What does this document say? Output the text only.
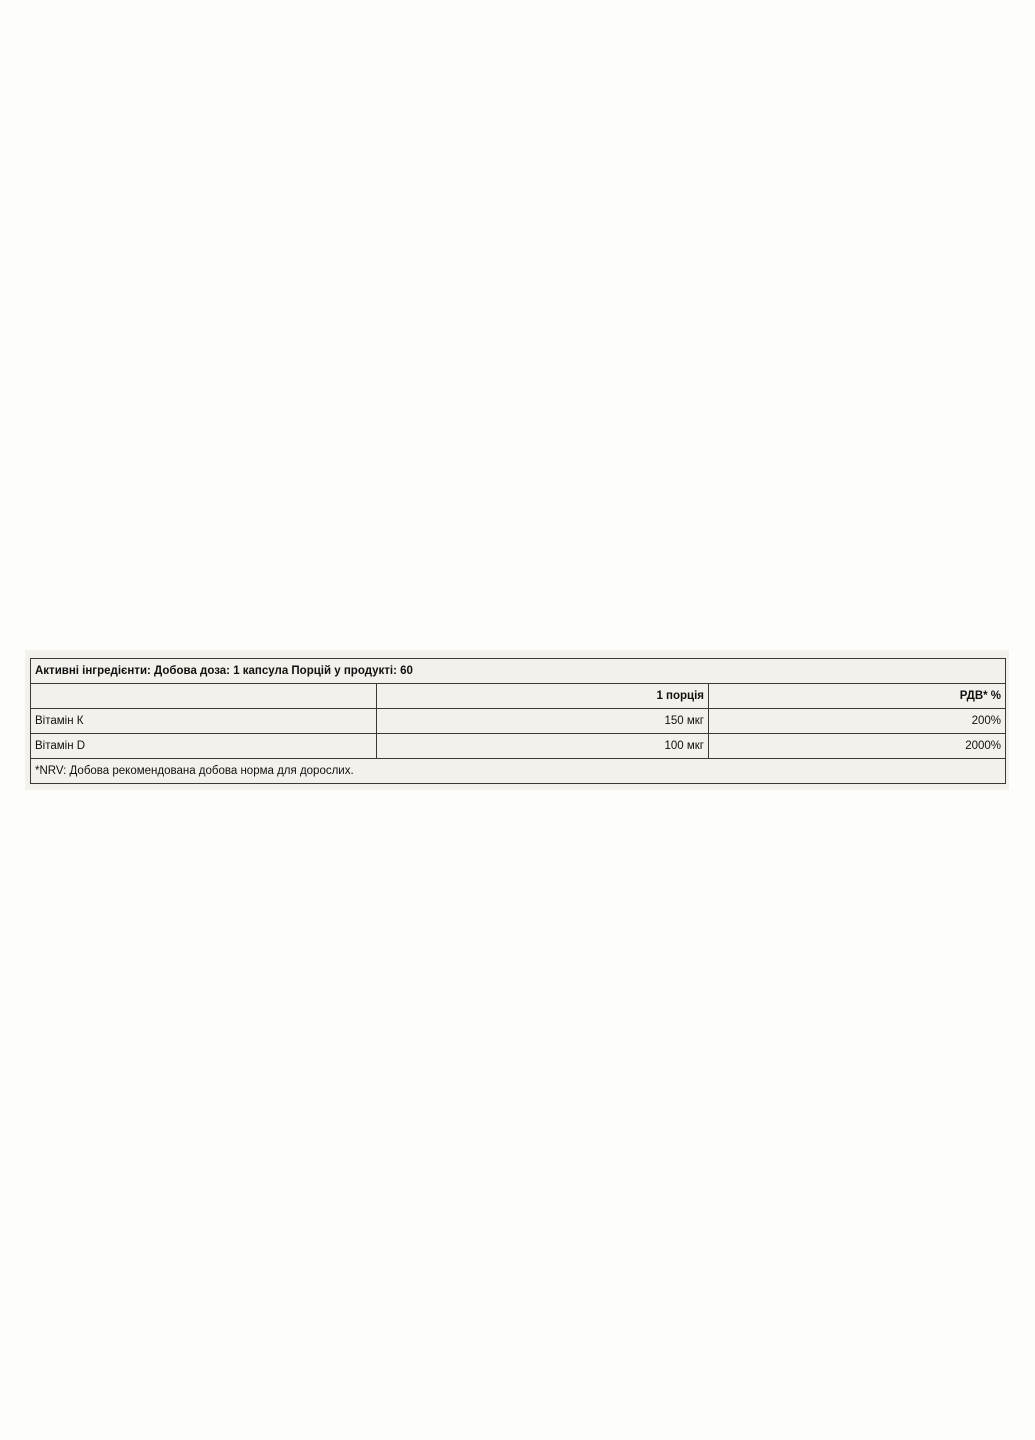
Активні інгредієнти: Добова доза: 1 капсула Порцій у продукті: 60		
	1 порція	РДВ* %
Вітамін К	150 мкг	200%
Вітамін D	100 мкг	2000%
*NRV: Добова рекомендована добова норма для дорослих.		
